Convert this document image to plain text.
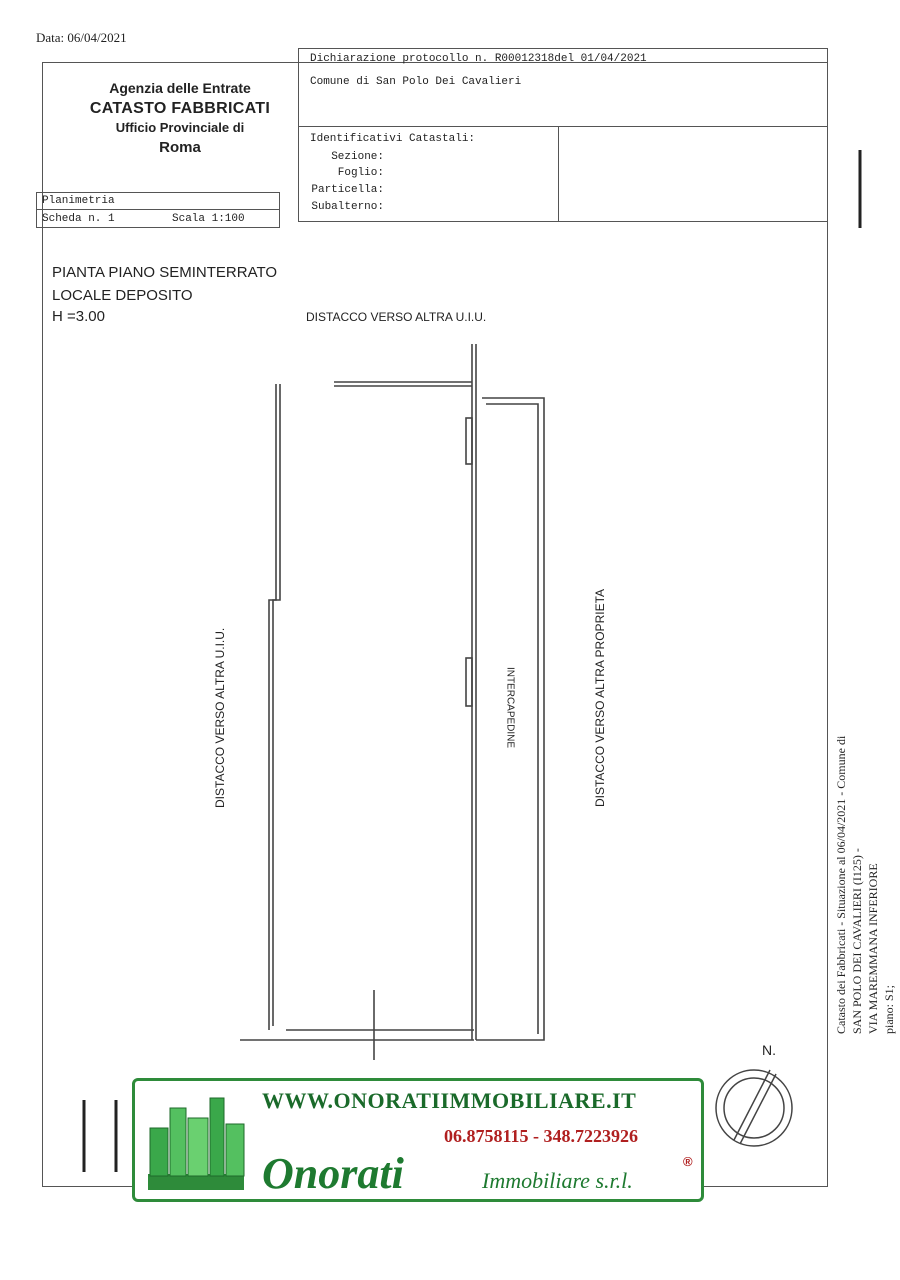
Data: 06/04/2021
Agenzia delle Entrate
CATASTO FABBRICATI
Ufficio Provinciale di
Roma
Dichiarazione protocollo n. R00012318del 01/04/2021
Comune di San Polo Dei Cavalieri
Identificativi Catastali:
Sezione:
Foglio:
Particella:
Subalterno:
Planimetria
Scheda n. 1	Scala 1:100
PIANTA PIANO SEMINTERRATO
LOCALE DEPOSITO
H =3.00	DISTACCO VERSO ALTRA U.I.U.
DISTACCO VERSO ALTRA U.I.U.	INTERCAPEDINE	DISTACCO VERSO ALTRA PROPRIETA
N.
Catasto dei Fabbricati - Situazione al 06/04/2021 - Comune di SAN POLO DEI CAVALIERI (I125) - VIA MAREMMANA INFERIORE piano: S1;
WWW.ONORATIIMMOBILIARE.IT
06.8758115 - 348.7223926
Onorati	Immobiliare s.r.l.
®
